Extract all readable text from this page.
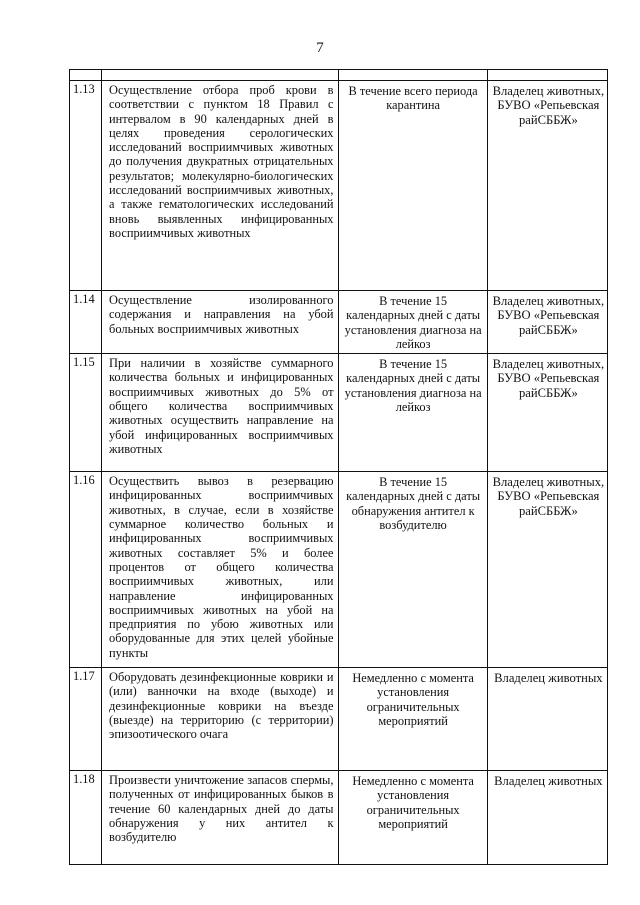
7

1.13	Осуществление отбора проб крови в соответствии с пунктом 18 Правил с интервалом в 90 календарных дней в целях проведения серологических исследований восприимчивых животных до получения двукратных отрицательных результатов; молекулярно-биологических исследований восприимчивых животных, а также гематологических исследований вновь выявленных инфицированных восприимчивых животных	В течение всего периода карантина	Владелец животных, БУВО «Репьевская райСББЖ»
1.14	Осуществление изолированного содержания и направления на убой больных восприимчивых животных	В течение 15 календарных дней с даты установления диагноза на лейкоз	Владелец животных, БУВО «Репьевская райСББЖ»
1.15	При наличии в хозяйстве суммарного количества больных и инфицированных восприимчивых животных до 5% от общего количества восприимчивых животных осуществить направление на убой инфицированных восприимчивых животных	В течение 15 календарных дней с даты установления диагноза на лейкоз	Владелец животных, БУВО «Репьевская райСББЖ»
1.16	Осуществить вывоз в резервацию инфицированных восприимчивых животных, в случае, если в хозяйстве суммарное количество больных и инфицированных восприимчивых животных составляет 5% и более процентов от общего количества восприимчивых животных, или направление инфицированных восприимчивых животных на убой на предприятия по убою животных или оборудованные для этих целей убойные пункты	В течение 15 календарных дней с даты обнаружения антител к возбудителю	Владелец животных, БУВО «Репьевская райСББЖ»
1.17	Оборудовать дезинфекционные коврики и (или) ванночки на входе (выходе) и дезинфекционные коврики на въезде (выезде) на территорию (с территории) эпизоотического очага	Немедленно с момента установления ограничительных мероприятий	Владелец животных
1.18	Произвести уничтожение запасов спермы, полученных от инфицированных быков в течение 60 календарных дней до даты обнаружения у них антител к возбудителю	Немедленно с момента установления ограничительных мероприятий	Владелец животных
